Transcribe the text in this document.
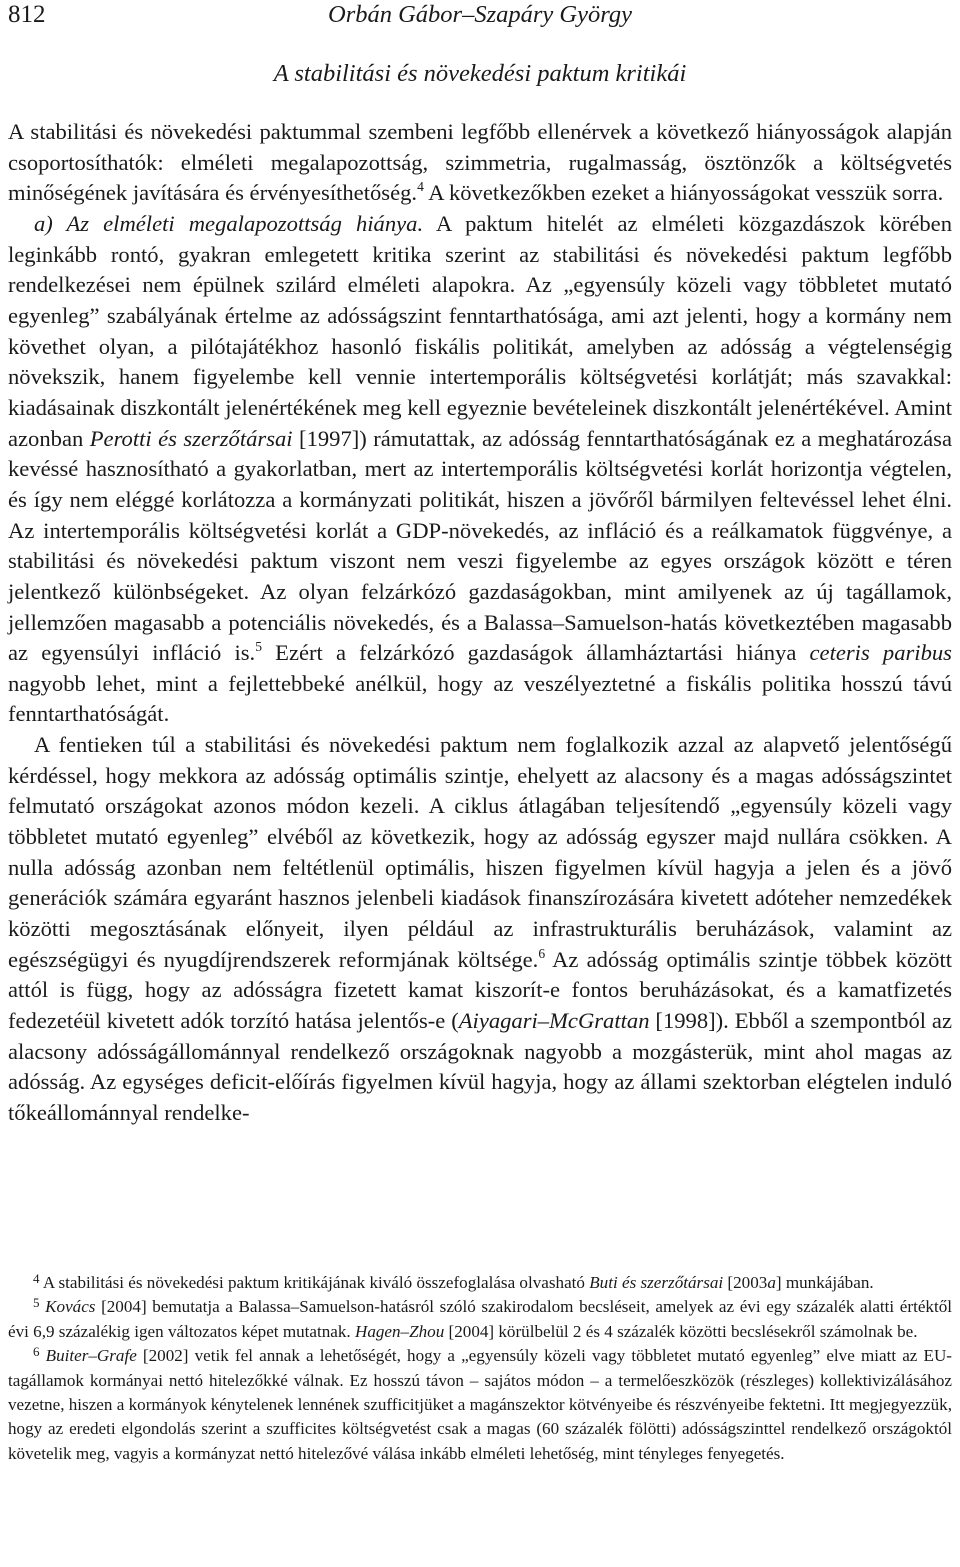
812	Orbán Gábor–Szapáry György
A stabilitási és növekedési paktum kritikái

A stabilitási és növekedési paktummal szembeni legfőbb ellenérvek a következő hiányosságok alapján csoportosíthatók: elméleti megalapozottság, szimmetria, rugalmasság, ösztönzők a költségvetés minőségének javítására és érvényesíthetőség.$^4$ A következőkben ezeket a hiányosságokat vesszük sorra.

a) Az elméleti megalapozottság hiánya. A paktum hitelét az elméleti közgazdászok körében leginkább rontó, gyakran emlegetett kritika szerint az stabilitási és növekedési paktum legfőbb rendelkezései nem épülnek szilárd elméleti alapokra. Az „egyensúly közeli vagy többletet mutató egyenleg” szabályának értelme az adósságszint fenntarthatósága, ami azt jelenti, hogy a kormány nem követhet olyan, a pilótajátékhoz hasonló fiskális politikát, amelyben az adósság a végtelenségig növekszik, hanem figyelembe kell vennie intertemporális költségvetési korlátját; más szavakkal: kiadásainak diszkontált jelenértékének meg kell egyeznie bevételeinek diszkontált jelenértékével. Amint azonban Perotti és szerzőtársai [1997]) rámutattak, az adósság fenntarthatóságának ez a meghatározása kevéssé hasznosítható a gyakorlatban, mert az intertemporális költségvetési korlát horizontja végtelen, és így nem eléggé korlátozza a kormányzati politikát, hiszen a jövőről bármilyen feltevéssel lehet élni. Az intertemporális költségvetési korlát a GDP-növekedés, az infláció és a reálkamatok függvénye, a stabilitási és növekedési paktum viszont nem veszi figyelembe az egyes országok között e téren jelentkező különbségeket. Az olyan felzárkózó gazdaságokban, mint amilyenek az új tagállamok, jellemzően magasabb a potenciális növekedés, és a Balassa–Samuelson-hatás következtében magasabb az egyensúlyi infláció is.$^5$ Ezért a felzárkózó gazdaságok államháztartási hiánya ceteris paribus nagyobb lehet, mint a fejlettebbeké anélkül, hogy az veszélyeztetné a fiskális politika hosszú távú fenntarthatóságát.

A fentieken túl a stabilitási és növekedési paktum nem foglalkozik azzal az alapvető jelentőségű kérdéssel, hogy mekkora az adósság optimális szintje, ehelyett az alacsony és a magas adósságszintet felmutató országokat azonos módon kezeli. A ciklus átlagában teljesítendő „egyensúly közeli vagy többletet mutató egyenleg” elvéből az következik, hogy az adósság egyszer majd nullára csökken. A nulla adósság azonban nem feltétlenül optimális, hiszen figyelmen kívül hagyja a jelen és a jövő generációk számára egyaránt hasznos jelenbeli kiadások finanszírozására kivetett adóteher nemzedékek közötti megosztásának előnyeit, ilyen például az infrastrukturális beruházások, valamint az egészségügyi és nyugdíjrendszerek reformjának költsége.$^6$ Az adósság optimális szintje többek között attól is függ, hogy az adósságra fizetett kamat kiszorít-e fontos beruházásokat, és a kamatfizetés fedezetéül kivetett adók torzító hatása jelentős-e (Aiyagari–McGrattan [1998]). Ebből a szempontból az alacsony adósságállománnyal rendelkező országoknak nagyobb a mozgásterük, mint ahol magas az adósság. Az egységes deficit-előírás figyelmen kívül hagyja, hogy az állami szektorban elégtelen induló tőkeállománnyal rendelke-

$^4$ A stabilitási és növekedési paktum kritikájának kiváló összefoglalása olvasható Buti és szerzőtársai [2003a] munkájában.

$^5$ Kovács [2004] bemutatja a Balassa–Samuelson-hatásról szóló szakirodalom becsléseit, amelyek az évi egy százalék alatti értéktől évi 6,9 százalékig igen változatos képet mutatnak. Hagen–Zhou [2004] körülbelül 2 és 4 százalék közötti becslésekről számolnak be.

$^6$ Buiter–Grafe [2002] vetik fel annak a lehetőségét, hogy a „egyensúly közeli vagy többletet mutató egyenleg” elve miatt az EU-tagállamok kormányai nettó hitelezőkké válnak. Ez hosszú távon – sajátos módon – a termelőeszközök (részleges) kollektivizálásához vezetne, hiszen a kormányok kénytelenek lennének szufficitjüket a magánszektor kötvényeibe és részvényeibe fektetni. Itt megjegyezzük, hogy az eredeti elgondolás szerint a szufficites költségvetést csak a magas (60 százalék fölötti) adósságszinttel rendelkező országoktól követelik meg, vagyis a kormányzat nettó hitelezővé válása inkább elméleti lehetőség, mint tényleges fenyegetés.
